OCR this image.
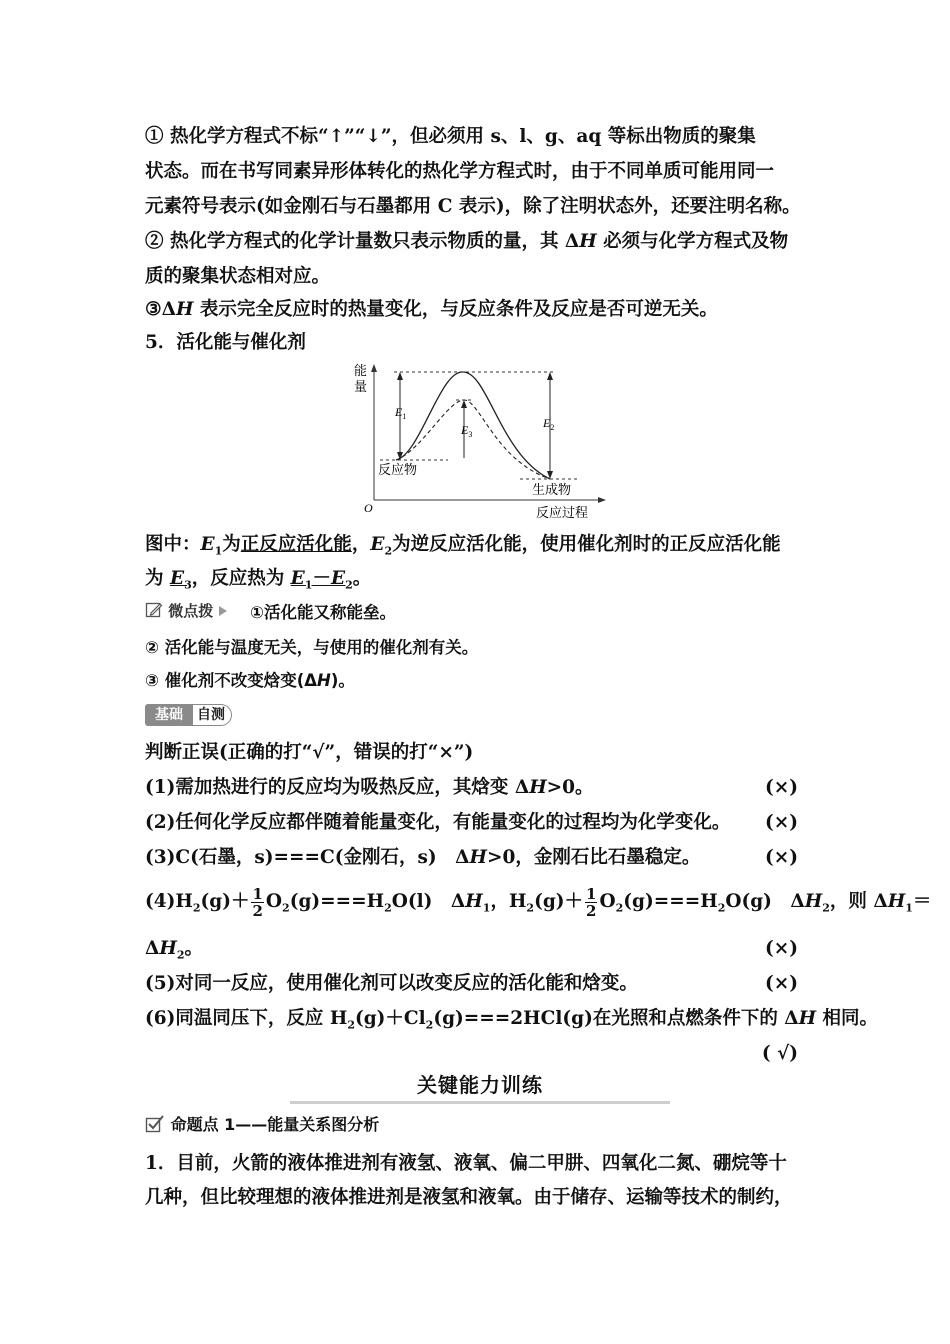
① 热化学方程式不标“↑”“↓”，但必须用 s、l、g、aq 等标出物质的聚集
状态。而在书写同素异形体转化的热化学方程式时，由于不同单质可能用同一
元素符号表示(如金刚石与石墨都用 C 表示)，除了注明状态外，还要注明名称。
② 热化学方程式的化学计量数只表示物质的量，其 ΔH 必须与化学方程式及物
质的聚集状态相对应。
③ΔH 表示完全反应时的热量变化，与反应条件及反应是否可逆无关。
5．活化能与催化剂
能
量
O	反应过程
$E_1$
$E_3$
$E_2$
反应物
生成物
图中：$E_1$为正反应活化能，$E_2$为逆反应活化能，使用催化剂时的正反应活化能
为 $E_3$，反应热为 $E_1-E_2$。
微点拨	①活化能又称能垒。
② 活化能与温度无关，与使用的催化剂有关。
③ 催化剂不改变焓变(ΔH)。
基础	自测
判断正误(正确的打“√”，错误的打“×”)
(1)需加热进行的反应均为吸热反应，其焓变 ΔH>0。	(×)
(2)任何化学反应都伴随着能量变化，有能量变化的过程均为化学变化。 (×)
(3)C(石墨，s)===C(金刚石，s)　ΔH>0，金刚石比石墨稳定。	(×)
$(4)H_2(g)+ \frac{1}{2} O_2(g)===H_2O(l)$　$\Delta H_1$，$H_2(g)+ \frac{1}{2} O_2(g)===H_2O(g)$　$\Delta H_2$，则 $\Delta H_1=$
$\Delta H_2$。	(×)
(5)对同一反应，使用催化剂可以改变反应的活化能和焓变。	(×)
(6)同温同压下，反应 $H_2(g)+Cl_2(g)===2HCl(g)$在光照和点燃条件下的 ΔH 相同。
( √)
关键能力训练
命题点 1——能量关系图分析
1．目前，火箭的液体推进剂有液氢、液氧、偏二甲肼、四氧化二氮、硼烷等十
几种，但比较理想的液体推进剂是液氢和液氧。由于储存、运输等技术的制约，
